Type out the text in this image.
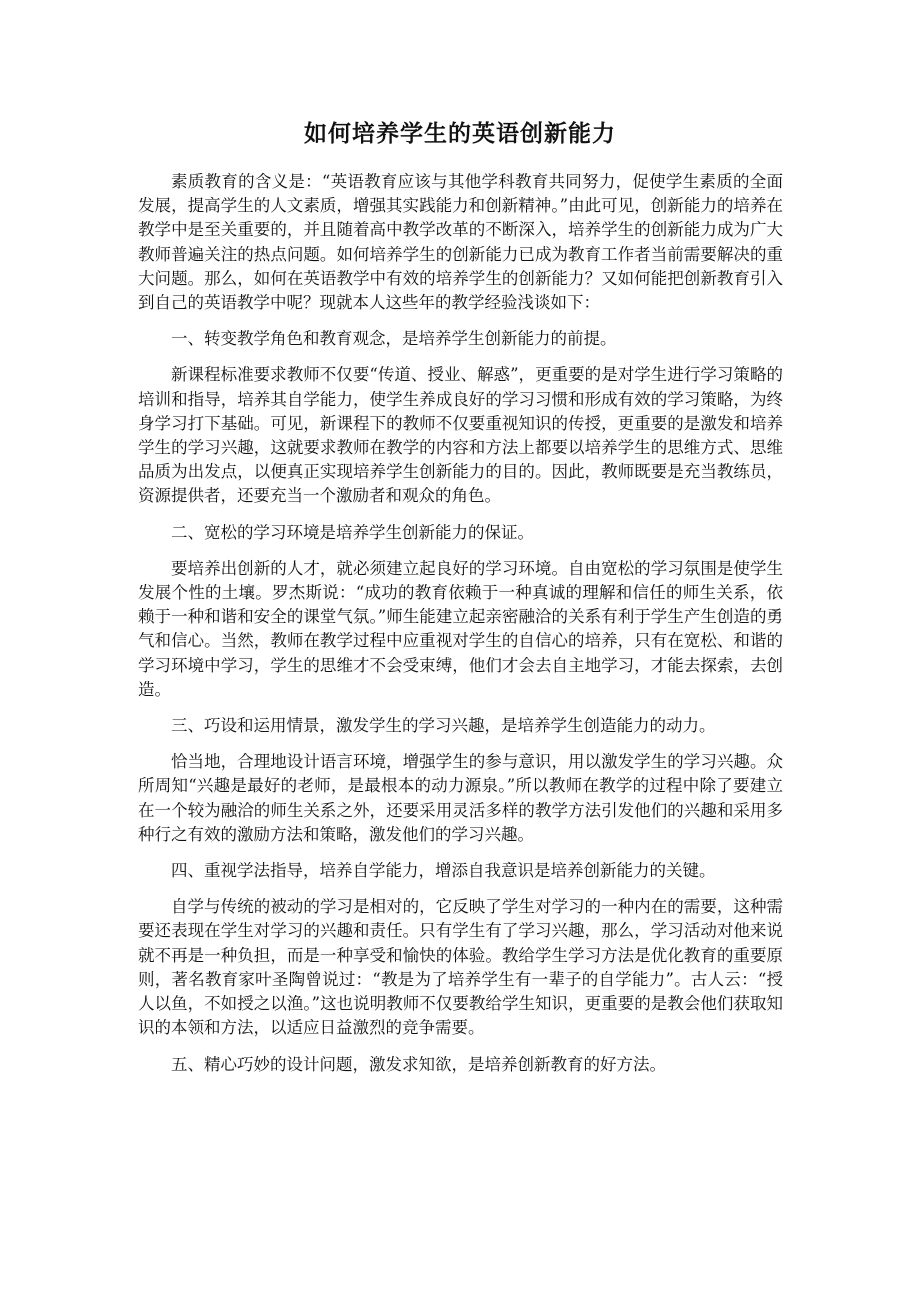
如何培养学生的英语创新能力

素质教育的含义是：“英语教育应该与其他学科教育共同努力，促使学生素质的全面发展，提高学生的人文素质，增强其实践能力和创新精神。”由此可见，创新能力的培养在教学中是至关重要的，并且随着高中教学改革的不断深入，培养学生的创新能力成为广大教师普遍关注的热点问题。如何培养学生的创新能力已成为教育工作者当前需要解决的重大问题。那么，如何在英语教学中有效的培养学生的创新能力？又如何能把创新教育引入到自己的英语教学中呢？现就本人这些年的教学经验浅谈如下：

一、转变教学角色和教育观念，是培养学生创新能力的前提。

新课程标准要求教师不仅要“传道、授业、解惑”，更重要的是对学生进行学习策略的培训和指导，培养其自学能力，使学生养成良好的学习习惯和形成有效的学习策略，为终身学习打下基础。可见，新课程下的教师不仅要重视知识的传授，更重要的是激发和培养学生的学习兴趣，这就要求教师在教学的内容和方法上都要以培养学生的思维方式、思维品质为出发点，以便真正实现培养学生创新能力的目的。因此，教师既要是充当教练员，资源提供者，还要充当一个激励者和观众的角色。

二、宽松的学习环境是培养学生创新能力的保证。

要培养出创新的人才，就必须建立起良好的学习环境。自由宽松的学习氛围是使学生发展个性的土壤。罗杰斯说：“成功的教育依赖于一种真诚的理解和信任的师生关系，依赖于一种和谐和安全的课堂气氛。”师生能建立起亲密融洽的关系有利于学生产生创造的勇气和信心。当然，教师在教学过程中应重视对学生的自信心的培养，只有在宽松、和谐的学习环境中学习，学生的思维才不会受束缚，他们才会去自主地学习，才能去探索，去创造。

三、巧设和运用情景，激发学生的学习兴趣，是培养学生创造能力的动力。

恰当地，合理地设计语言环境，增强学生的参与意识，用以激发学生的学习兴趣。众所周知“兴趣是最好的老师，是最根本的动力源泉。”所以教师在教学的过程中除了要建立在一个较为融洽的师生关系之外，还要采用灵活多样的教学方法引发他们的兴趣和采用多种行之有效的激励方法和策略，激发他们的学习兴趣。

四、重视学法指导，培养自学能力，增添自我意识是培养创新能力的关键。

自学与传统的被动的学习是相对的，它反映了学生对学习的一种内在的需要，这种需要还表现在学生对学习的兴趣和责任。只有学生有了学习兴趣，那么，学习活动对他来说就不再是一种负担，而是一种享受和愉快的体验。教给学生学习方法是优化教育的重要原则，著名教育家叶圣陶曾说过：“教是为了培养学生有一辈子的自学能力”。古人云：“授人以鱼，不如授之以渔。”这也说明教师不仅要教给学生知识，更重要的是教会他们获取知识的本领和方法，以适应日益激烈的竞争需要。

五、精心巧妙的设计问题，激发求知欲，是培养创新教育的好方法。
